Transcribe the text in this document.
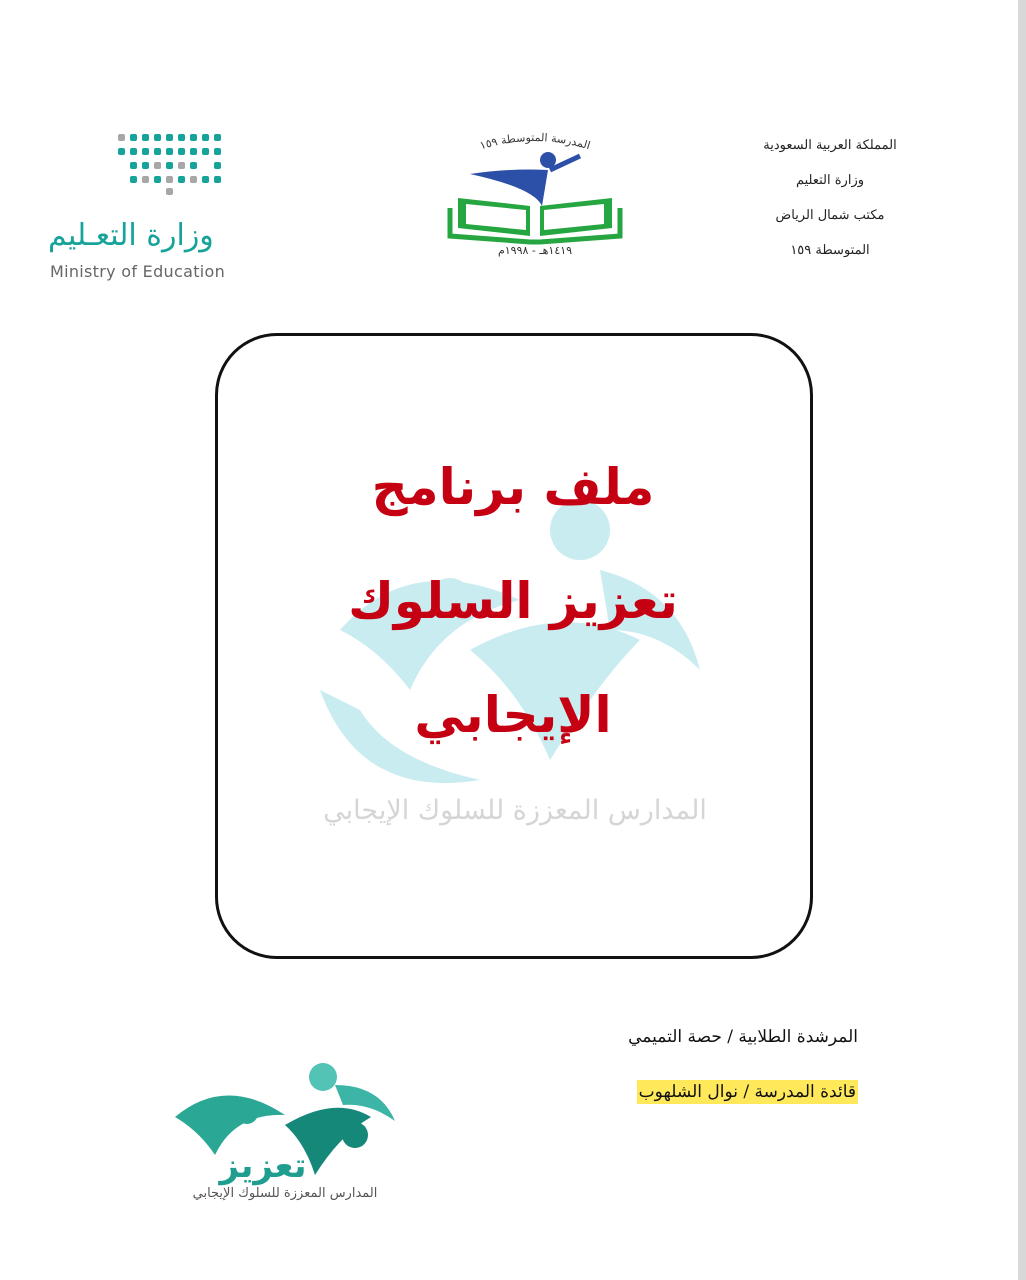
المملكة العربية السعودية
وزارة التعليم
مكتب شمال الرياض
المتوسطة ١٥٩
وزارة التعـليم
Ministry of Education
المدرسة المتوسطة ١٥٩
١٤١٩هـ - ١٩٩٨م
المدارس المعززة للسلوك الإيجابي
ملف برنامج
تعزيز السلوك
الإيجابي
المرشدة الطلابية / حصة التميمي
قائدة المدرسة / نوال الشلهوب
تعزيز
المدارس المعززة للسلوك الإيجابي
